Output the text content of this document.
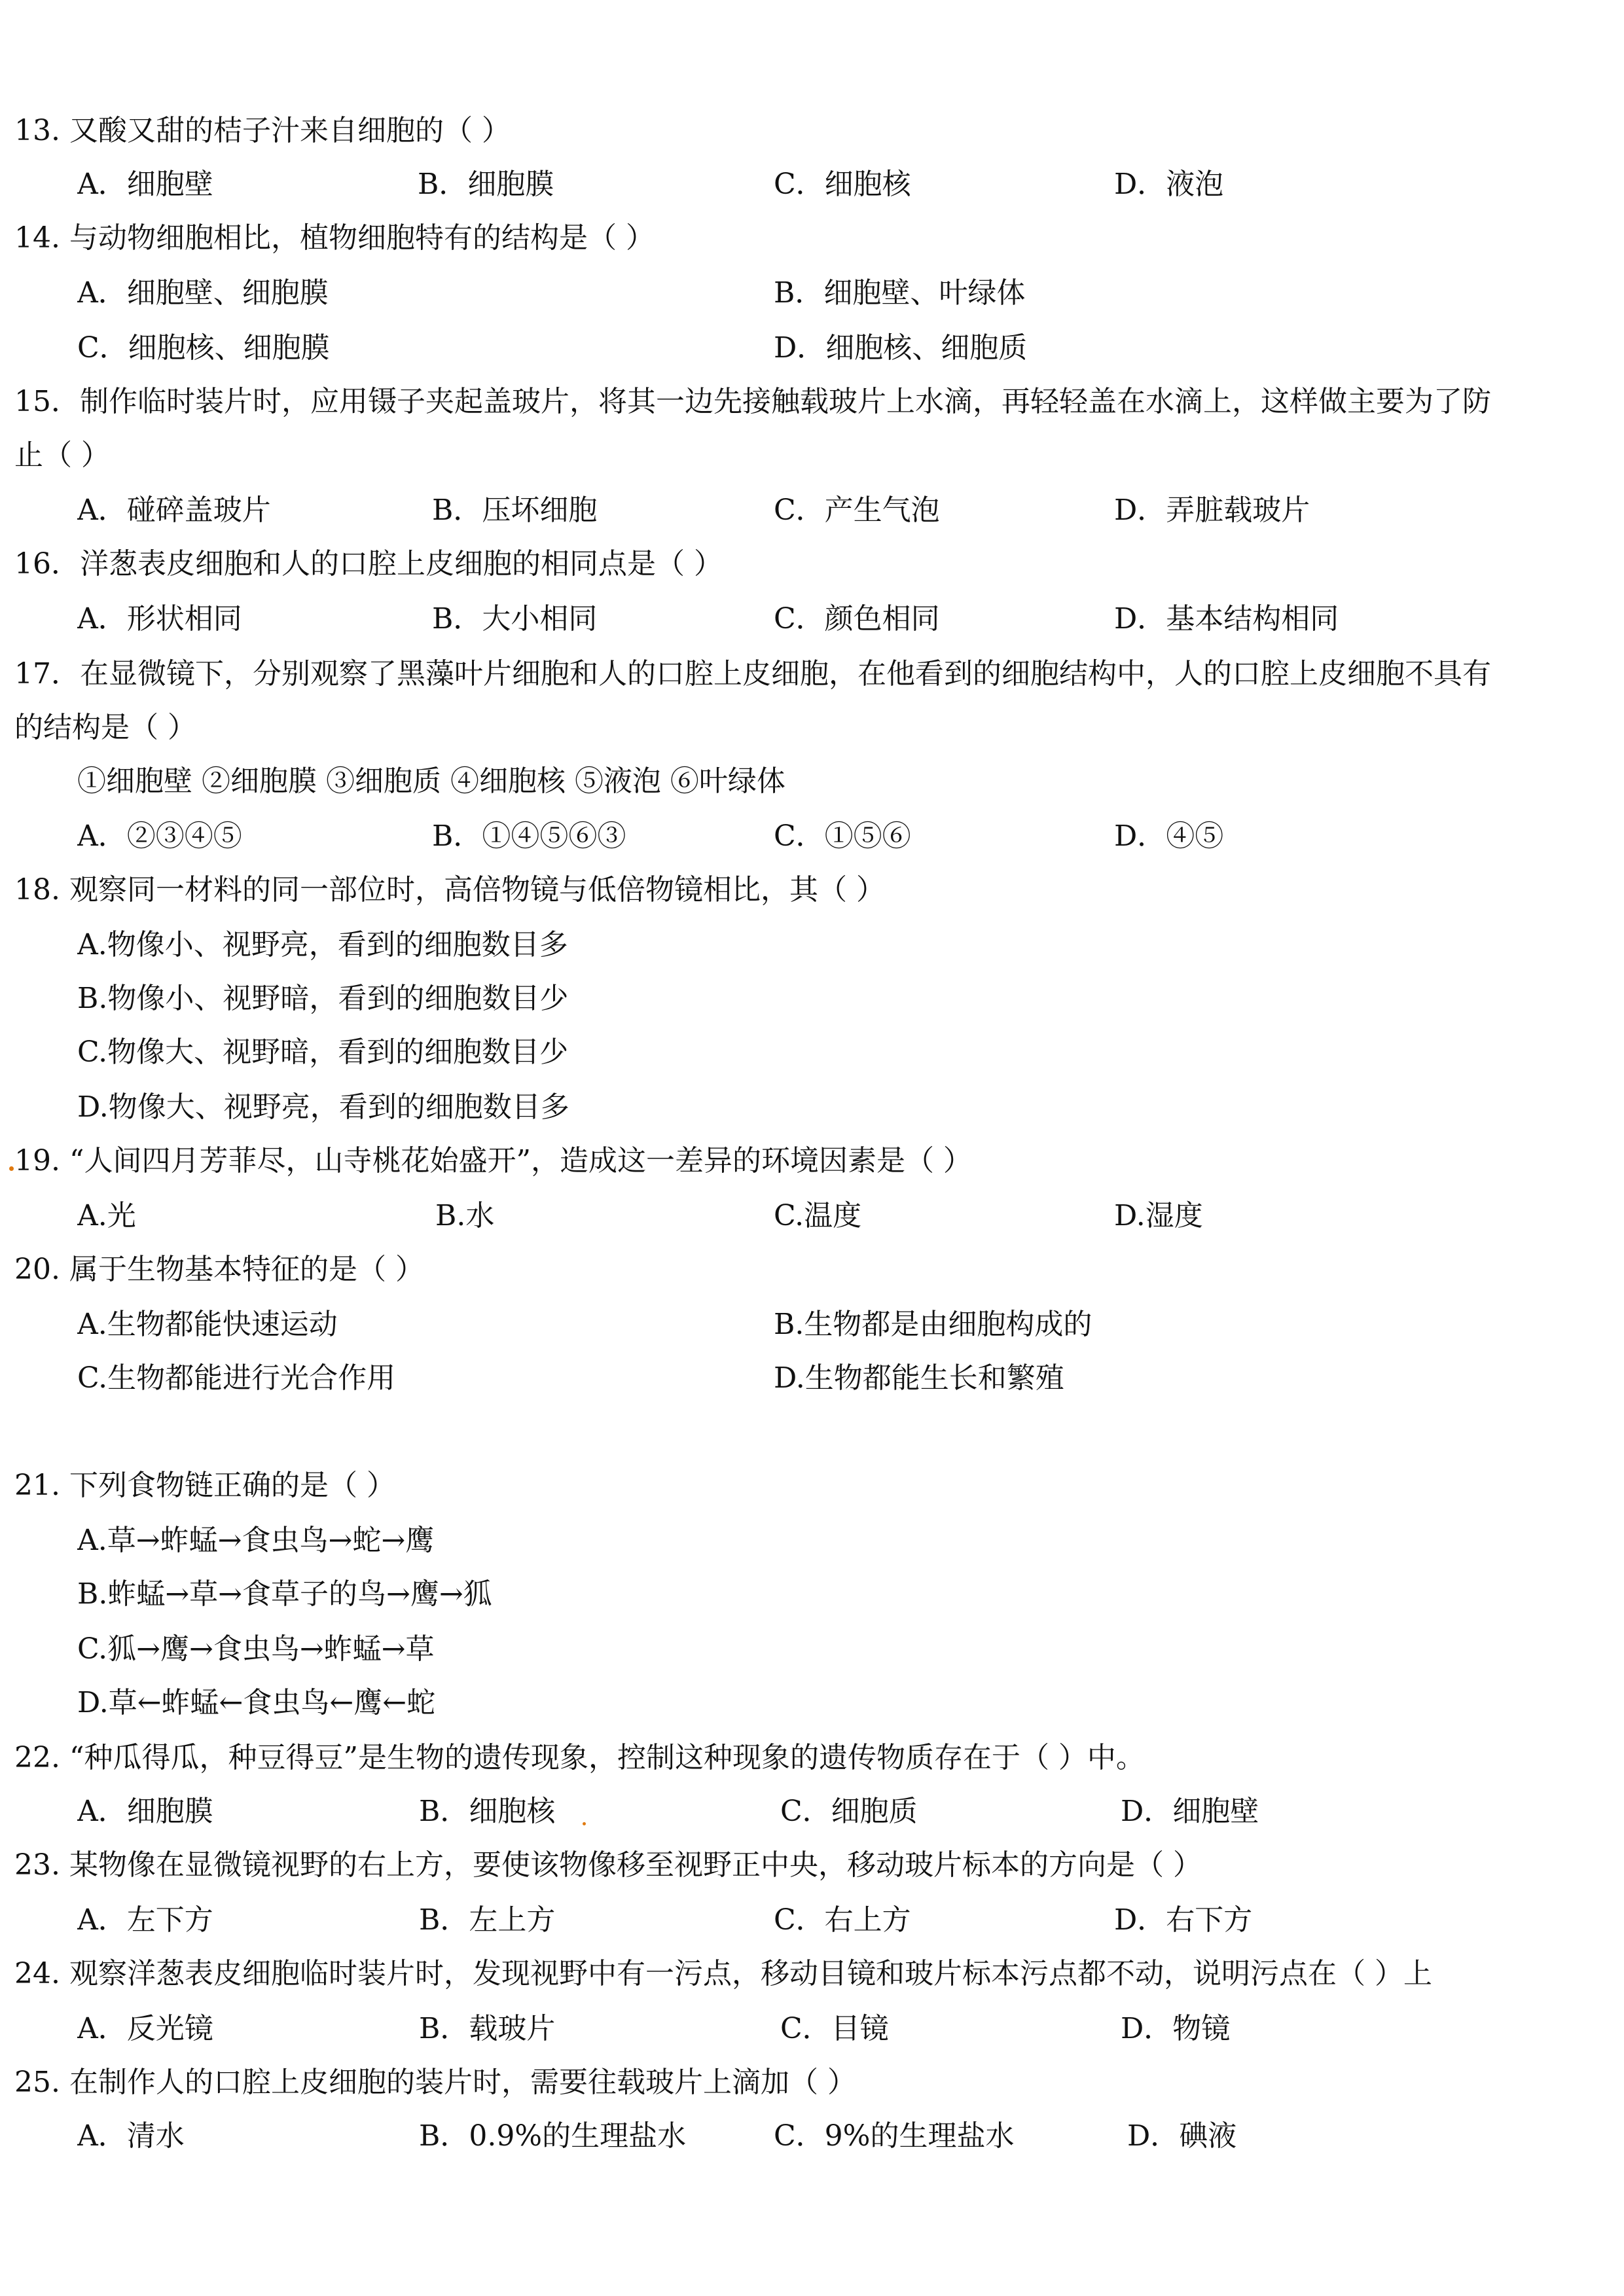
13. 又酸又甜的桔子汁来自细胞的（ ）
A．细胞壁	B．细胞膜	C．细胞核	D．液泡
14. 与动物细胞相比，植物细胞特有的结构是（ ）
A．细胞壁、细胞膜	B．细胞壁、叶绿体
C．细胞核、细胞膜	D．细胞核、细胞质
15．制作临时装片时，应用镊子夹起盖玻片，将其一边先接触载玻片上水滴，再轻轻盖在水滴上，这样做主要为了防
止（ ）
A．碰碎盖玻片	B．压坏细胞	C．产生气泡	D．弄脏载玻片
16．洋葱表皮细胞和人的口腔上皮细胞的相同点是（ ）
A．形状相同	B．大小相同	C．颜色相同	D．基本结构相同
17．在显微镜下，分别观察了黑藻叶片细胞和人的口腔上皮细胞，在他看到的细胞结构中，人的口腔上皮细胞不具有
的结构是（ ）
①细胞壁 ②细胞膜 ③细胞质 ④细胞核 ⑤液泡 ⑥叶绿体
A．②③④⑤	B．①④⑤⑥③	C．①⑤⑥	D．④⑤
18. 观察同一材料的同一部位时，高倍物镜与低倍物镜相比，其（ ）
A.物像小、视野亮，看到的细胞数目多
B.物像小、视野暗，看到的细胞数目少
C.物像大、视野暗，看到的细胞数目少
D.物像大、视野亮，看到的细胞数目多
19. “人间四月芳菲尽，山寺桃花始盛开”，造成这一差异的环境因素是（ ）
A.光	B.水	C.温度	D.湿度
20. 属于生物基本特征的是（ ）
A.生物都能快速运动	B.生物都是由细胞构成的
C.生物都能进行光合作用	D.生物都能生长和繁殖
21. 下列食物链正确的是（ ）
A.草→蚱蜢→食虫鸟→蛇→鹰
B.蚱蜢→草→食草子的鸟→鹰→狐
C.狐→鹰→食虫鸟→蚱蜢→草
D.草←蚱蜢←食虫鸟←鹰←蛇
22. “种瓜得瓜，种豆得豆”是生物的遗传现象，控制这种现象的遗传物质存在于（ ）中。
A．细胞膜	B．细胞核	C．细胞质	D．细胞壁
23. 某物像在显微镜视野的右上方，要使该物像移至视野正中央，移动玻片标本的方向是（ ）
A．左下方	B．左上方	C．右上方	D．右下方
24. 观察洋葱表皮细胞临时装片时，发现视野中有一污点，移动目镜和玻片标本污点都不动，说明污点在（ ）上
A．反光镜	B．载玻片	C．目镜	D．物镜
25. 在制作人的口腔上皮细胞的装片时，需要往载玻片上滴加（ ）
A．清水	B．0.9%的生理盐水	C．9%的生理盐水	D．碘液
